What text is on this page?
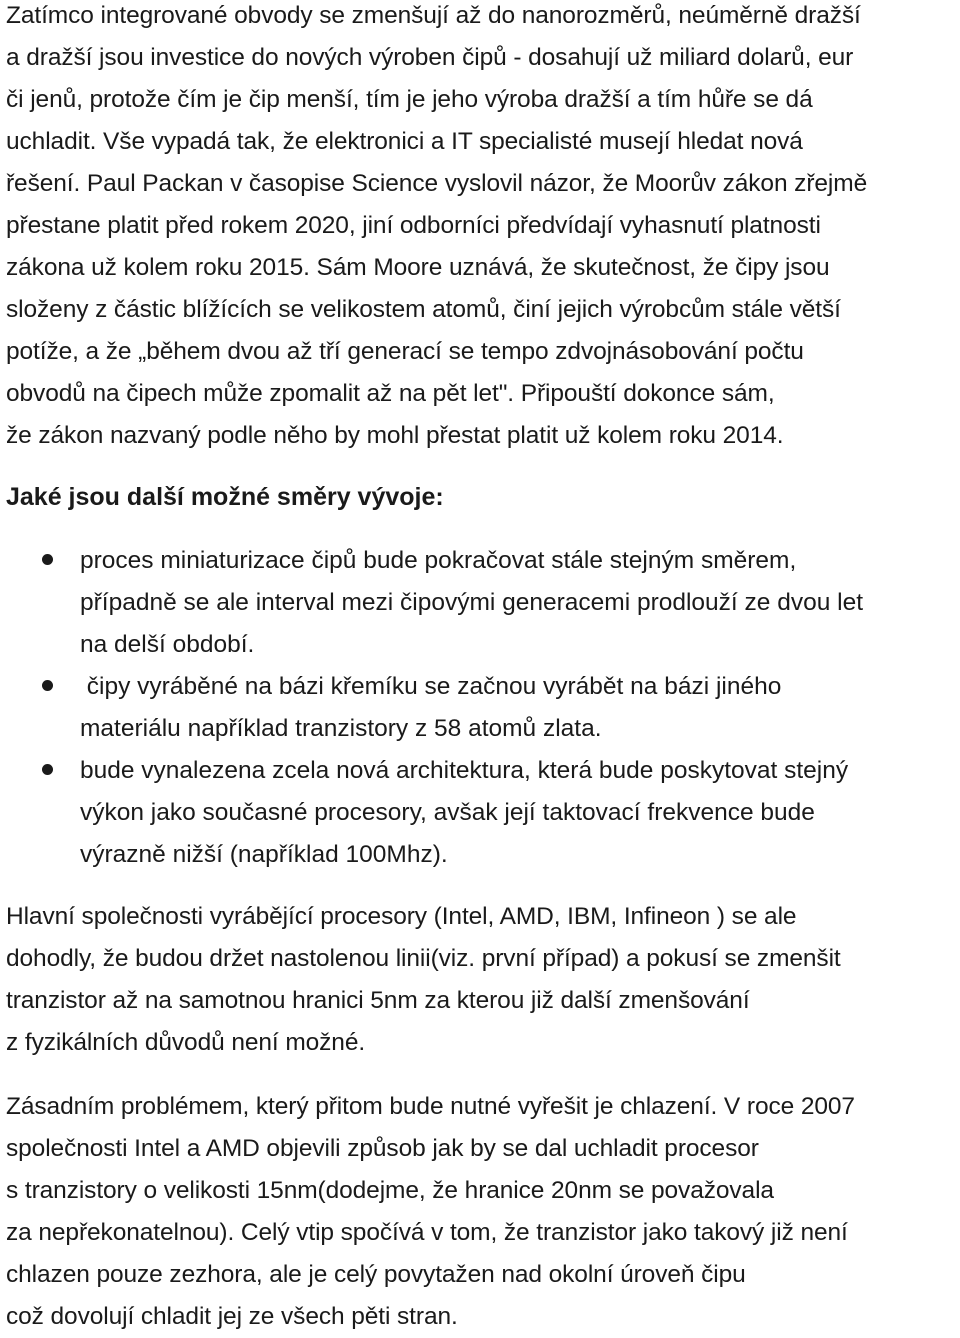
Zatímco integrované obvody se zmenšují až do nanorozměrů, neúměrně dražší
a dražší jsou investice do nových výroben čipů - dosahují už miliard dolarů, eur
či jenů, protože čím je čip menší, tím je jeho výroba dražší a tím hůře se dá
uchladit. Vše vypadá tak, že elektronici a IT specialisté musejí hledat nová
řešení. Paul Packan v časopise Science vyslovil názor, že Moorův zákon zřejmě
přestane platit před rokem 2020, jiní odborníci předvídají vyhasnutí platnosti
zákona už kolem roku 2015. Sám Moore uznává, že skutečnost, že čipy jsou
složeny z částic blížících se velikostem atomů, činí jejich výrobcům stále větší
potíže, a že „během dvou až tří generací se tempo zdvojnásobování počtu
obvodů na čipech může zpomalit až na pět let". Připouští dokonce sám,
že zákon nazvaný podle něho by mohl přestat platit už kolem roku 2014.

Jaké jsou další možné směry vývoje:
proces miniaturizace čipů bude pokračovat stále stejným směrem,
případně se ale interval mezi čipovými generacemi prodlouží ze dvou let
na delší období.
čipy vyráběné na bázi křemíku se začnou vyrábět na bázi jiného
materiálu například tranzistory z 58 atomů zlata.
bude vynalezena zcela nová architektura, která bude poskytovat stejný
výkon jako současné procesory, avšak její taktovací frekvence bude
výrazně nižší (například 100Mhz).

Hlavní společnosti vyrábějící procesory (Intel, AMD, IBM, Infineon ) se ale
dohodly, že budou držet nastolenou linii(viz. první případ) a pokusí se zmenšit
tranzistor až na samotnou hranici 5nm za kterou již další zmenšování
z fyzikálních důvodů není možné.

Zásadním problémem, který přitom bude nutné vyřešit je chlazení. V roce 2007
společnosti Intel a AMD objevili způsob jak by se dal uchladit procesor
s tranzistory o velikosti 15nm(dodejme, že hranice 20nm se považovala
za nepřekonatelnou). Celý vtip spočívá v tom, že tranzistor jako takový již není
chlazen pouze zezhora, ale je celý povytažen nad okolní úroveň čipu
což dovolují chladit jej ze všech pěti stran.
